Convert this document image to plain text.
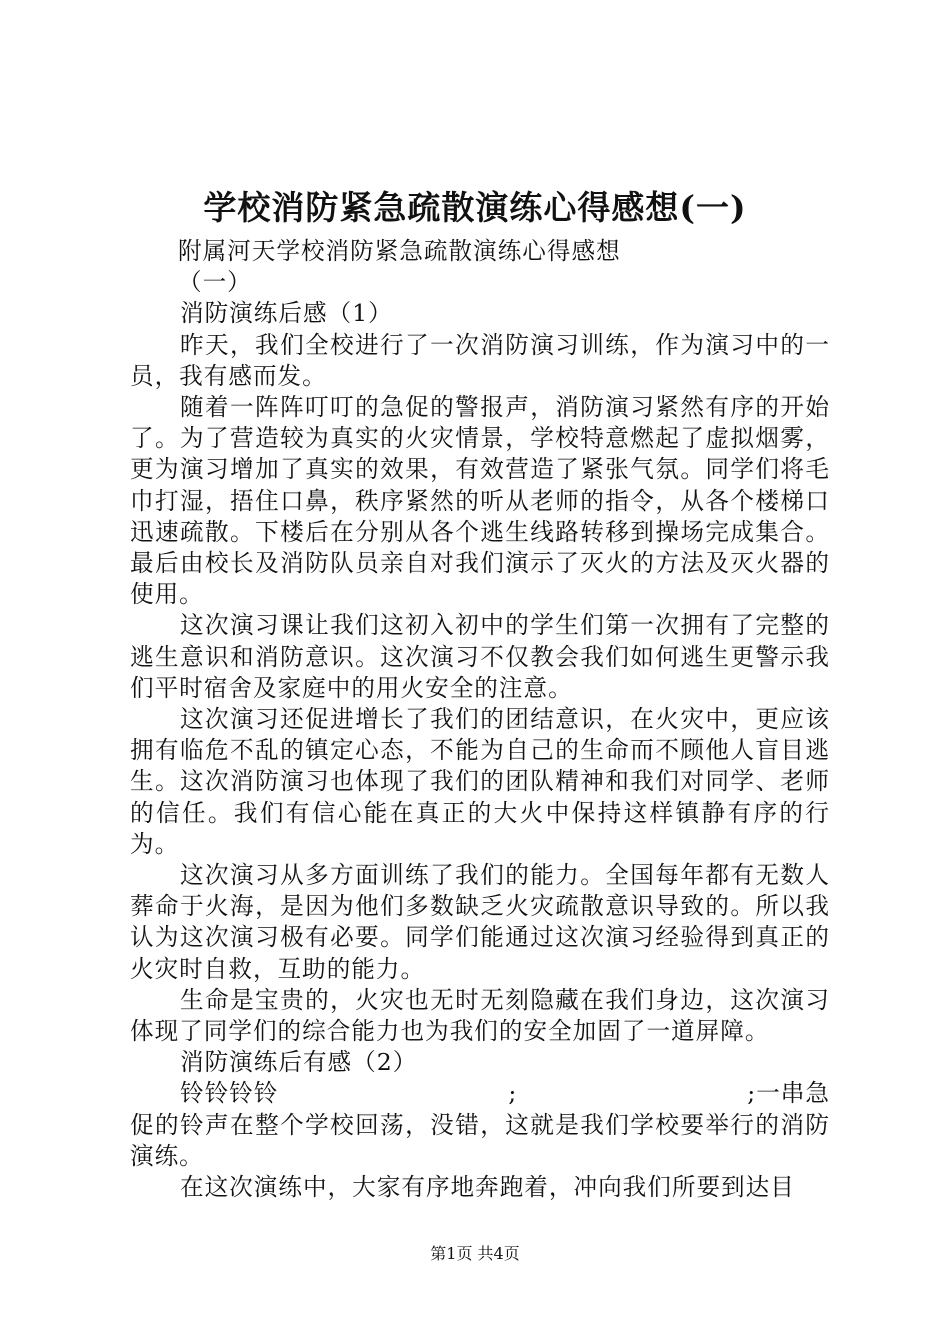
学校消防紧急疏散演练心得感想(一)

附属河天学校消防紧急疏散演练心得感想

（一）

消防演练后感（1）

昨天，我们全校进行了一次消防演习训练，作为演习中的一员，我有感而发。

随着一阵阵叮叮的急促的警报声，消防演习紧然有序的开始了。为了营造较为真实的火灾情景，学校特意燃起了虚拟烟雾，更为演习增加了真实的效果，有效营造了紧张气氛。同学们将毛巾打湿，捂住口鼻，秩序紧然的听从老师的指令，从各个楼梯口迅速疏散。下楼后在分别从各个逃生线路转移到操场完成集合。最后由校长及消防队员亲自对我们演示了灭火的方法及灭火器的使用。

这次演习课让我们这初入初中的学生们第一次拥有了完整的逃生意识和消防意识。这次演习不仅教会我们如何逃生更警示我们平时宿舍及家庭中的用火安全的注意。

这次演习还促进增长了我们的团结意识，在火灾中，更应该拥有临危不乱的镇定心态，不能为自己的生命而不顾他人盲目逃生。这次消防演习也体现了我们的团队精神和我们对同学、老师的信任。我们有信心能在真正的大火中保持这样镇静有序的行为。

这次演习从多方面训练了我们的能力。全国每年都有无数人葬命于火海，是因为他们多数缺乏火灾疏散意识导致的。所以我认为这次演习极有必要。同学们能通过这次演习经验得到真正的火灾时自救，互助的能力。

生命是宝贵的，火灾也无时无刻隐藏在我们身边，这次演习体现了同学们的综合能力也为我们的安全加固了一道屏障。

消防演练后有感（2）

铃铃铃铃	;	;一串急

促的铃声在整个学校回荡，没错，这就是我们学校要举行的消防演练。

在这次演练中，大家有序地奔跑着，冲向我们所要到达目

第1页 共4页
